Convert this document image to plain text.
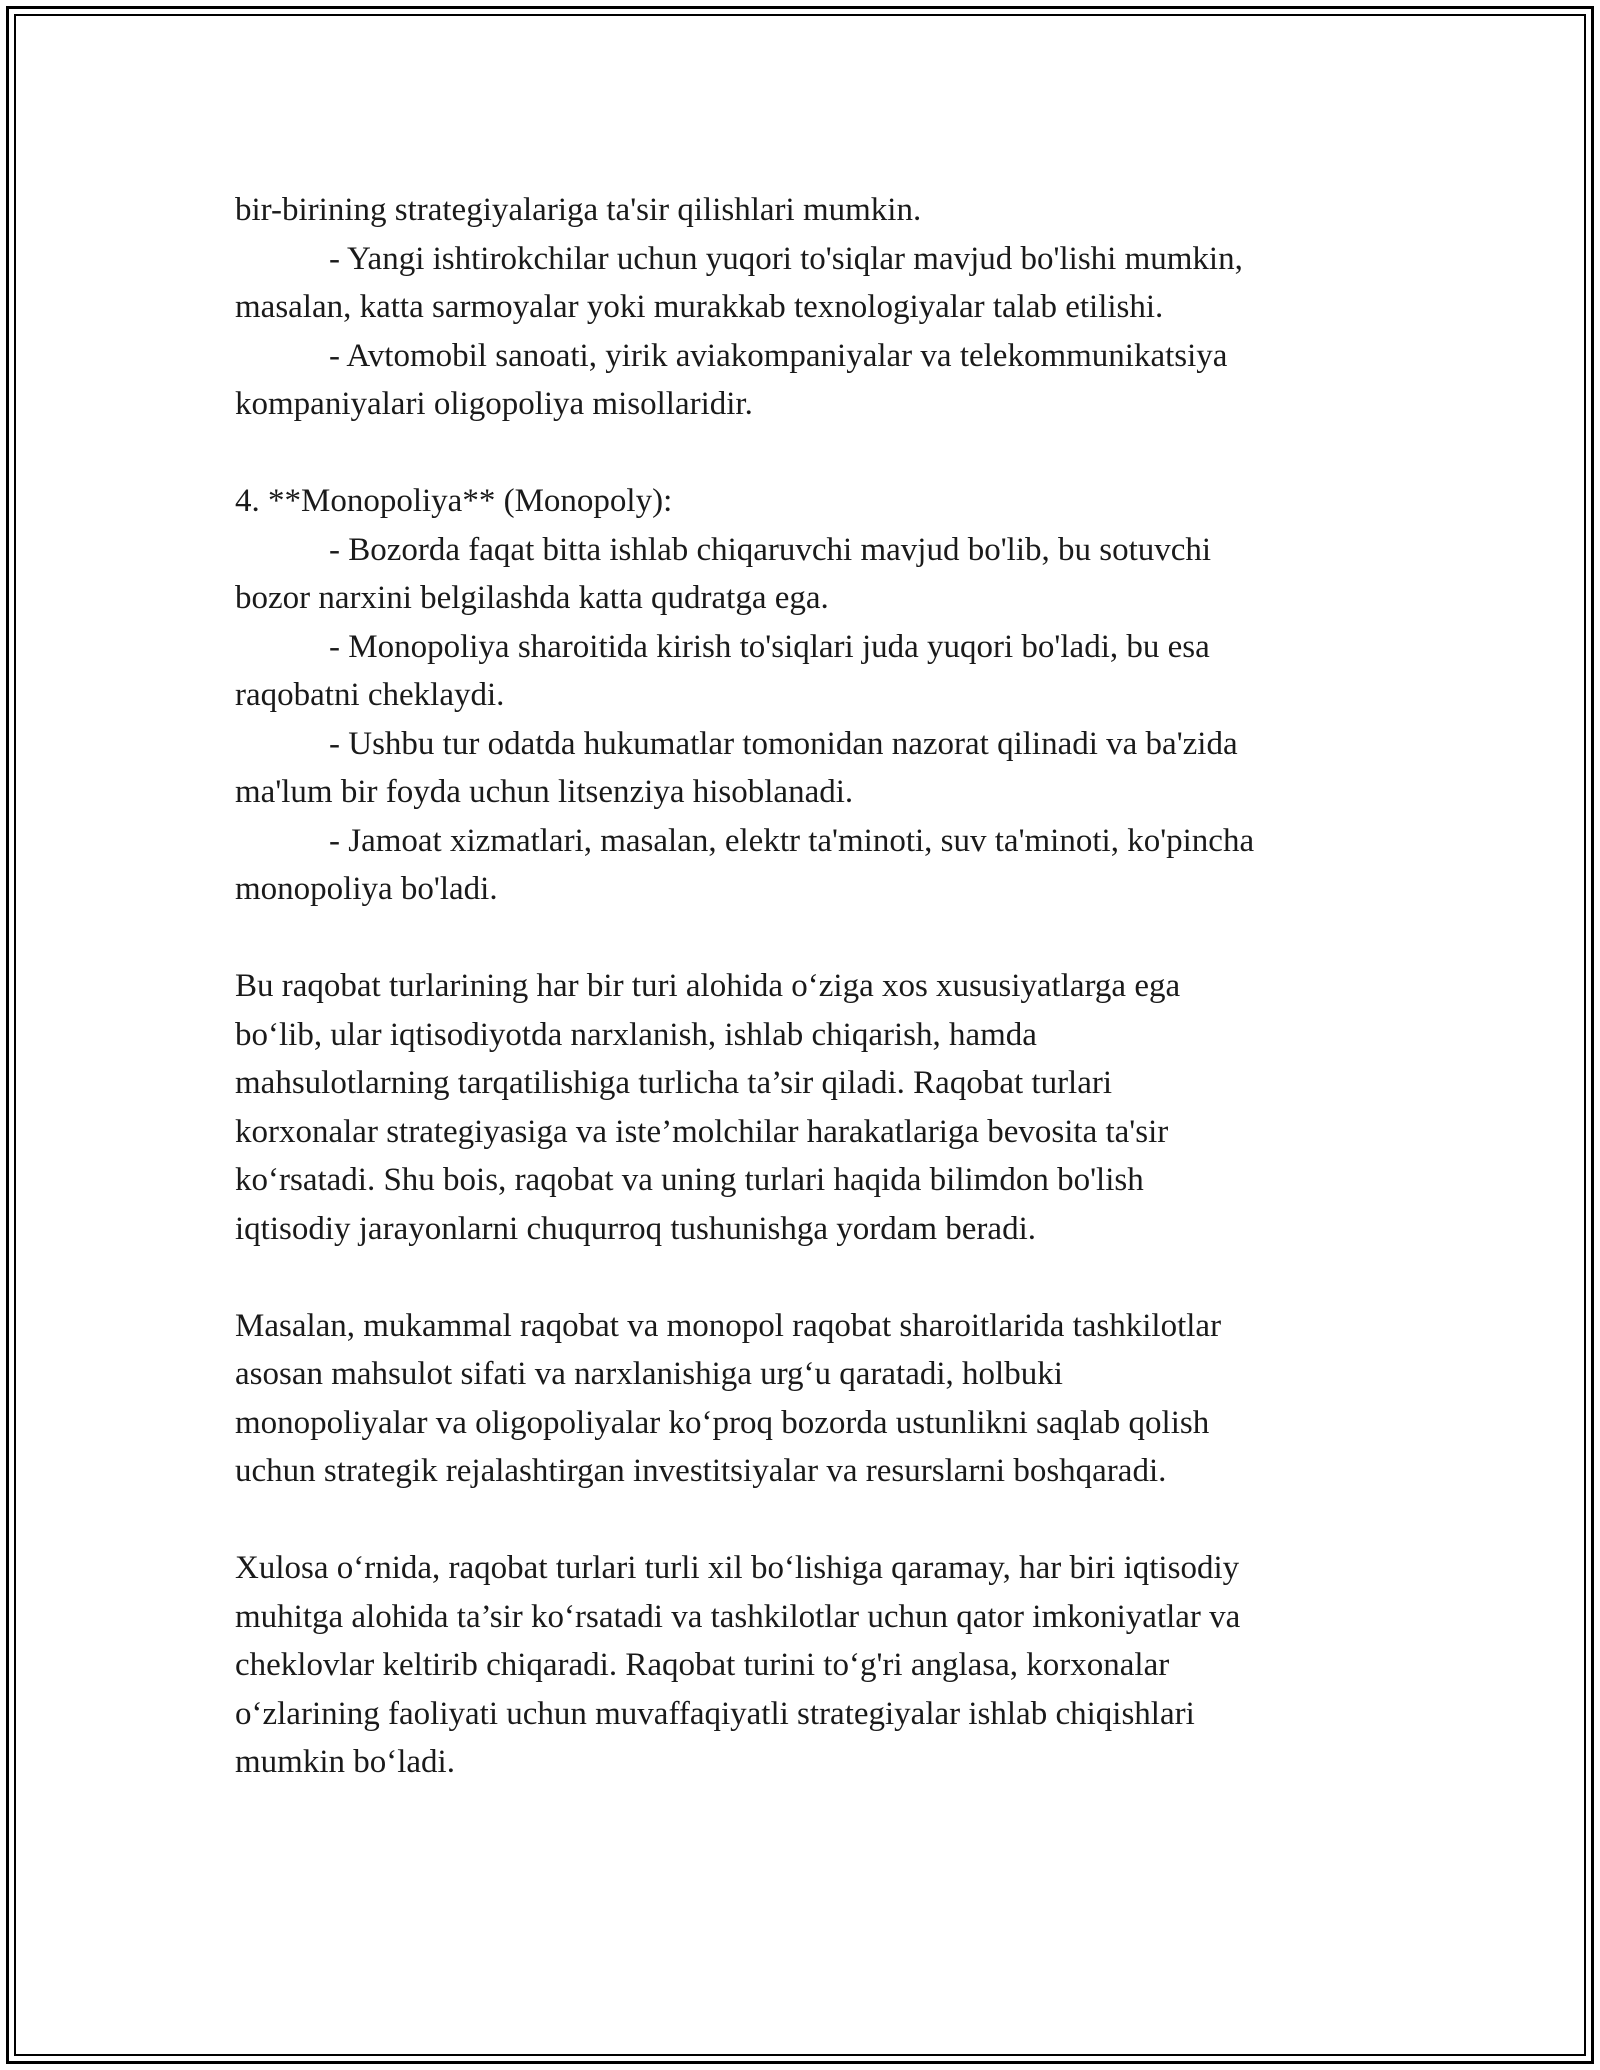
bir-birining strategiyalariga ta'sir qilishlari mumkin.
- Yangi ishtirokchilar uchun yuqori to'siqlar mavjud bo'lishi mumkin,
masalan, katta sarmoyalar yoki murakkab texnologiyalar talab etilishi.
- Avtomobil sanoati, yirik aviakompaniyalar va telekommunikatsiya
kompaniyalari oligopoliya misollaridir.
4. **Monopoliya** (Monopoly):
- Bozorda faqat bitta ishlab chiqaruvchi mavjud bo'lib, bu sotuvchi
bozor narxini belgilashda katta qudratga ega.
- Monopoliya sharoitida kirish to'siqlari juda yuqori bo'ladi, bu esa
raqobatni cheklaydi.
- Ushbu tur odatda hukumatlar tomonidan nazorat qilinadi va ba'zida
ma'lum bir foyda uchun litsenziya hisoblanadi.
- Jamoat xizmatlari, masalan, elektr ta'minoti, suv ta'minoti, ko'pincha
monopoliya bo'ladi.
Bu raqobat turlarining har bir turi alohida o‘ziga xos xususiyatlarga ega
bo‘lib, ular iqtisodiyotda narxlanish, ishlab chiqarish, hamda
mahsulotlarning tarqatilishiga turlicha ta’sir qiladi. Raqobat turlari
korxonalar strategiyasiga va iste’molchilar harakatlariga bevosita ta'sir
ko‘rsatadi. Shu bois, raqobat va uning turlari haqida bilimdon bo'lish
iqtisodiy jarayonlarni chuqurroq tushunishga yordam beradi.
Masalan, mukammal raqobat va monopol raqobat sharoitlarida tashkilotlar
asosan mahsulot sifati va narxlanishiga urg‘u qaratadi, holbuki
monopoliyalar va oligopoliyalar ko‘proq bozorda ustunlikni saqlab qolish
uchun strategik rejalashtirgan investitsiyalar va resurslarni boshqaradi.
Xulosa o‘rnida, raqobat turlari turli xil bo‘lishiga qaramay, har biri iqtisodiy
muhitga alohida ta’sir ko‘rsatadi va tashkilotlar uchun qator imkoniyatlar va
cheklovlar keltirib chiqaradi. Raqobat turini to‘g'ri anglasa, korxonalar
o‘zlarining faoliyati uchun muvaffaqiyatli strategiyalar ishlab chiqishlari
mumkin bo‘ladi.
